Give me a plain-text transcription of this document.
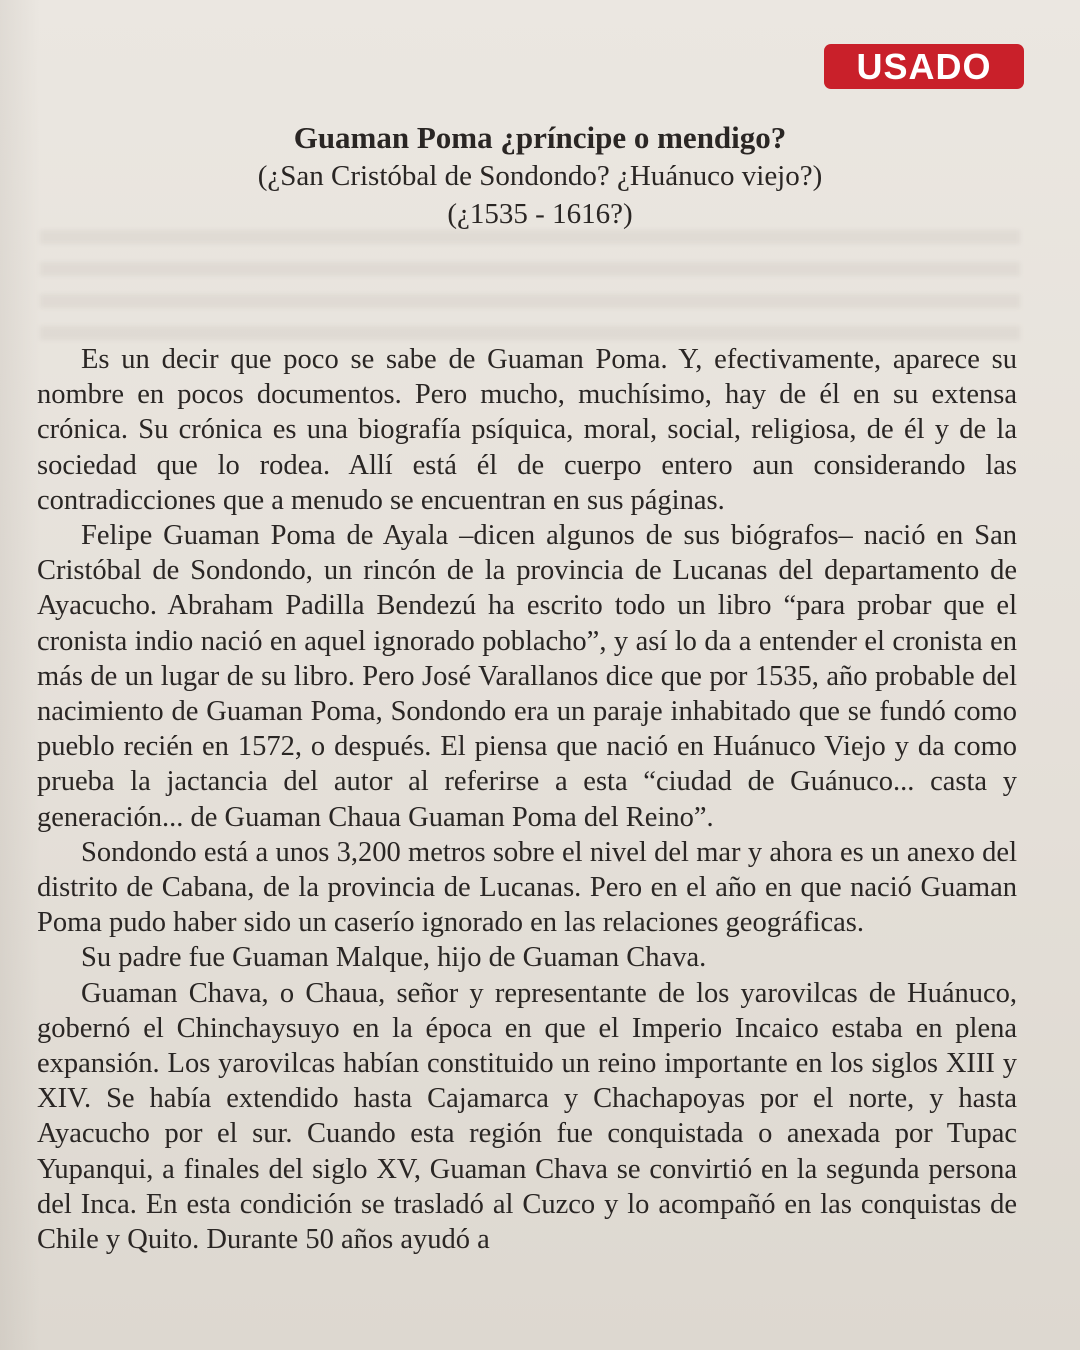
USADO
Guaman Poma ¿príncipe o mendigo?
(¿San Cristóbal de Sondondo? ¿Huánuco viejo?)
(¿1535 - 1616?)

Es un decir que poco se sabe de Guaman Poma. Y, efectivamente, aparece su nombre en pocos documentos. Pero mucho, muchísimo, hay de él en su extensa crónica. Su crónica es una biografía psíquica, moral, social, religiosa, de él y de la sociedad que lo rodea. Allí está él de cuerpo entero aun considerando las contradicciones que a menudo se encuentran en sus páginas.

Felipe Guaman Poma de Ayala –dicen algunos de sus biógrafos– nació en San Cristóbal de Sondondo, un rincón de la provincia de Lucanas del departamento de Ayacucho. Abraham Padilla Bendezú ha escrito todo un libro “para probar que el cronista indio nació en aquel ignorado poblacho”, y así lo da a entender el cronista en más de un lugar de su libro. Pero José Varallanos dice que por 1535, año probable del nacimiento de Guaman Poma, Sondondo era un paraje inhabitado que se fundó como pueblo recién en 1572, o después. El piensa que nació en Huánuco Viejo y da como prueba la jactancia del autor al referirse a esta “ciudad de Guánuco... casta y generación... de Guaman Chaua Guaman Poma del Reino”.

Sondondo está a unos 3,200 metros sobre el nivel del mar y ahora es un anexo del distrito de Cabana, de la provincia de Lucanas. Pero en el año en que nació Guaman Poma pudo haber sido un caserío ignorado en las relaciones geográficas.

Su padre fue Guaman Malque, hijo de Guaman Chava.

Guaman Chava, o Chaua, señor y representante de los yarovilcas de Huánuco, gobernó el Chinchaysuyo en la época en que el Imperio Incaico estaba en plena expansión. Los yarovilcas habían constituido un reino importante en los siglos XIII y XIV. Se había extendido hasta Cajamarca y Chachapoyas por el norte, y hasta Ayacucho por el sur. Cuando esta región fue conquistada o anexada por Tupac Yupanqui, a finales del siglo XV, Guaman Chava se convirtió en la segunda persona del Inca. En esta condición se trasladó al Cuzco y lo acompañó en las conquistas de Chile y Quito. Durante 50 años ayudó a
